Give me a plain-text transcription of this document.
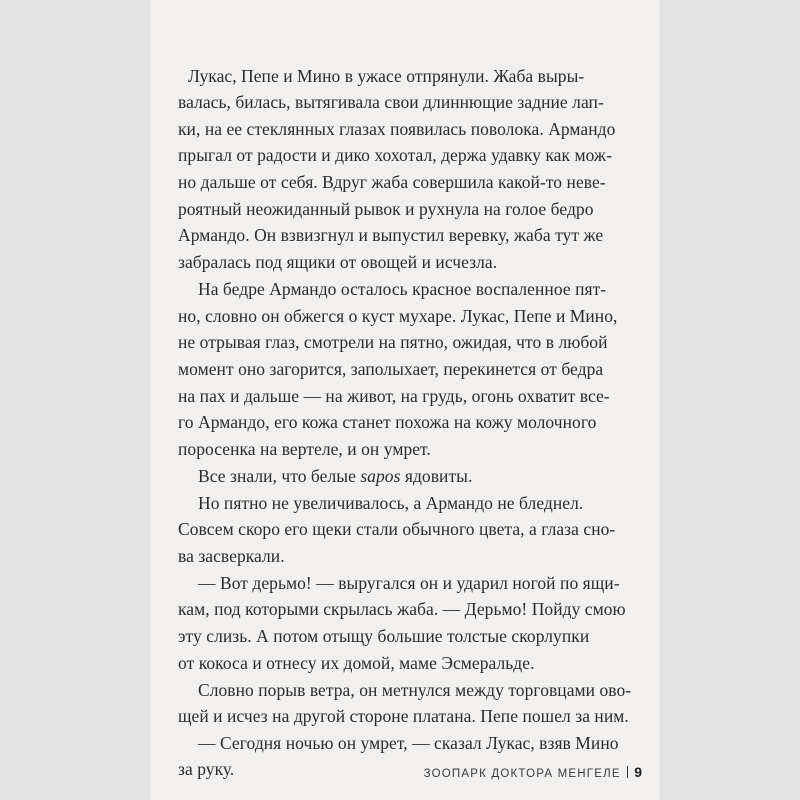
Лукас, Пепе и Мино в ужасе отпрянули. Жаба выры-
валась, билась, вытягивала свои длиннющие задние лап-
ки, на ее стеклянных глазах появилась поволока. Армандо
прыгал от радости и дико хохотал, держа удавку как мож-
но дальше от себя. Вдруг жаба совершила какой-то неве-
роятный неожиданный рывок и рухнула на голое бедро
Армандо. Он взвизгнул и выпустил веревку, жаба тут же
забралась под ящики от овощей и исчезла.
На бедре Армандо осталось красное воспаленное пят-
но, словно он обжегся о куст мухаре. Лукас, Пепе и Мино,
не отрывая глаз, смотрели на пятно, ожидая, что в любой
момент оно загорится, заполыхает, перекинется от бедра
на пах и дальше — на живот, на грудь, огонь охватит все-
го Армандо, его кожа станет похожа на кожу молочного
поросенка на вертеле, и он умрет.
Все знали, что белые sapos ядовиты.
Но пятно не увеличивалось, а Армандо не бледнел.
Совсем скоро его щеки стали обычного цвета, а глаза сно-
ва засверкали.
— Вот дерьмо! — выругался он и ударил ногой по ящи-
кам, под которыми скрылась жаба. — Дерьмо! Пойду смою
эту слизь. А потом отыщу большие толстые скорлупки
от кокоса и отнесу их домой, маме Эсмеральде.
Словно порыв ветра, он метнулся между торговцами ово-
щей и исчез на другой стороне платана. Пепе пошел за ним.
— Сегодня ночью он умрет, — сказал Лукас, взяв Мино
за руку.	ЗООПАРК ДОКТОРА МЕНГЕЛЕ 9
